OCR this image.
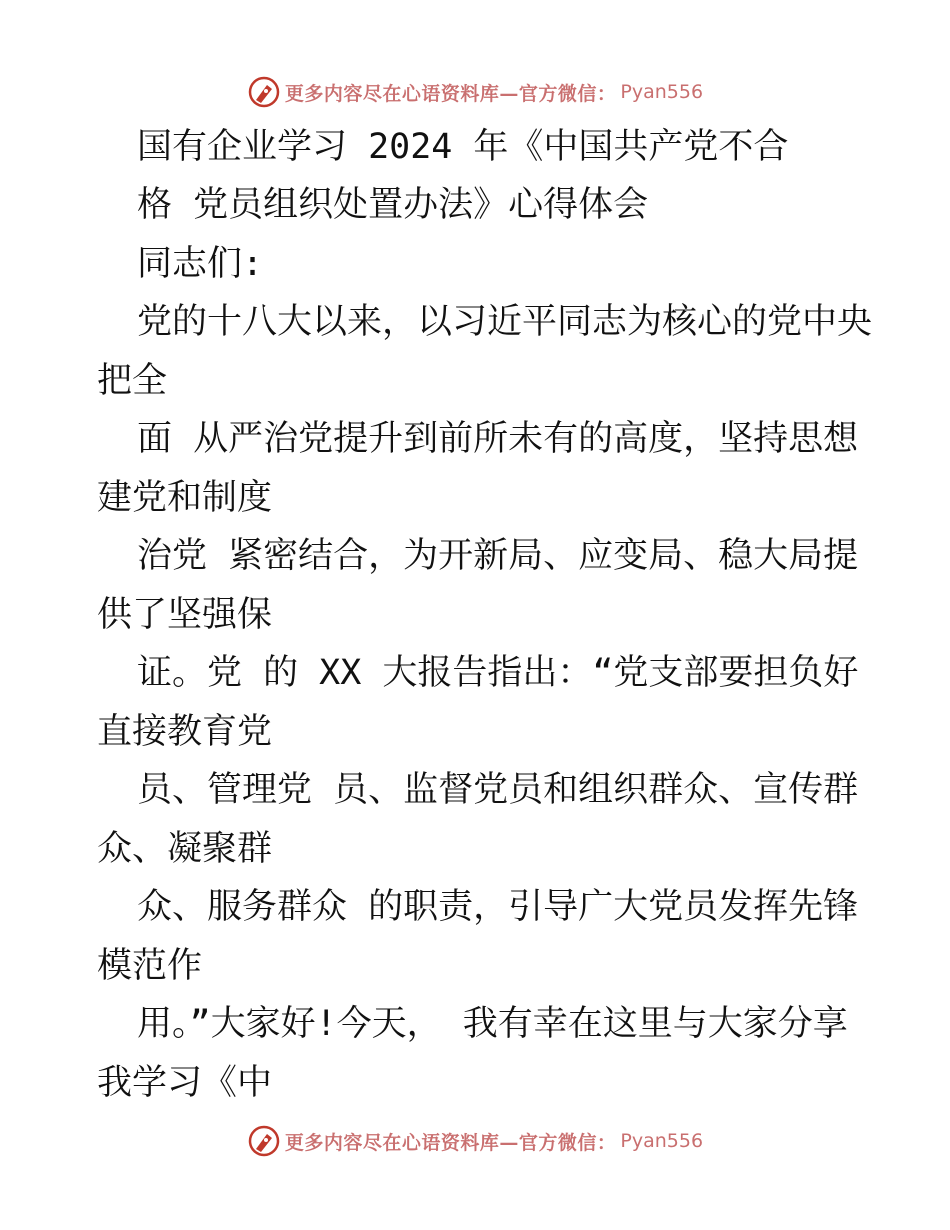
更多内容尽在心语资料库—官方微信： Pyan556
国有企业学习 2024 年《中国共产党不合
格 党员组织处置办法》心得体会
同志们:
党的十八大以来，以习近平同志为核心的党中央
把全
面 从严治党提升到前所未有的高度，坚持思想
建党和制度
治党 紧密结合，为开新局、应变局、稳大局提
供了坚强保
证。党 的 XX 大报告指出：“党支部要担负好
直接教育党
员、管理党 员、监督党员和组织群众、宣传群
众、凝聚群
众、服务群众 的职责，引导广大党员发挥先锋
模范作
用。”大家好!今天， 我有幸在这里与大家分享
我学习《中
更多内容尽在心语资料库—官方微信： Pyan556
